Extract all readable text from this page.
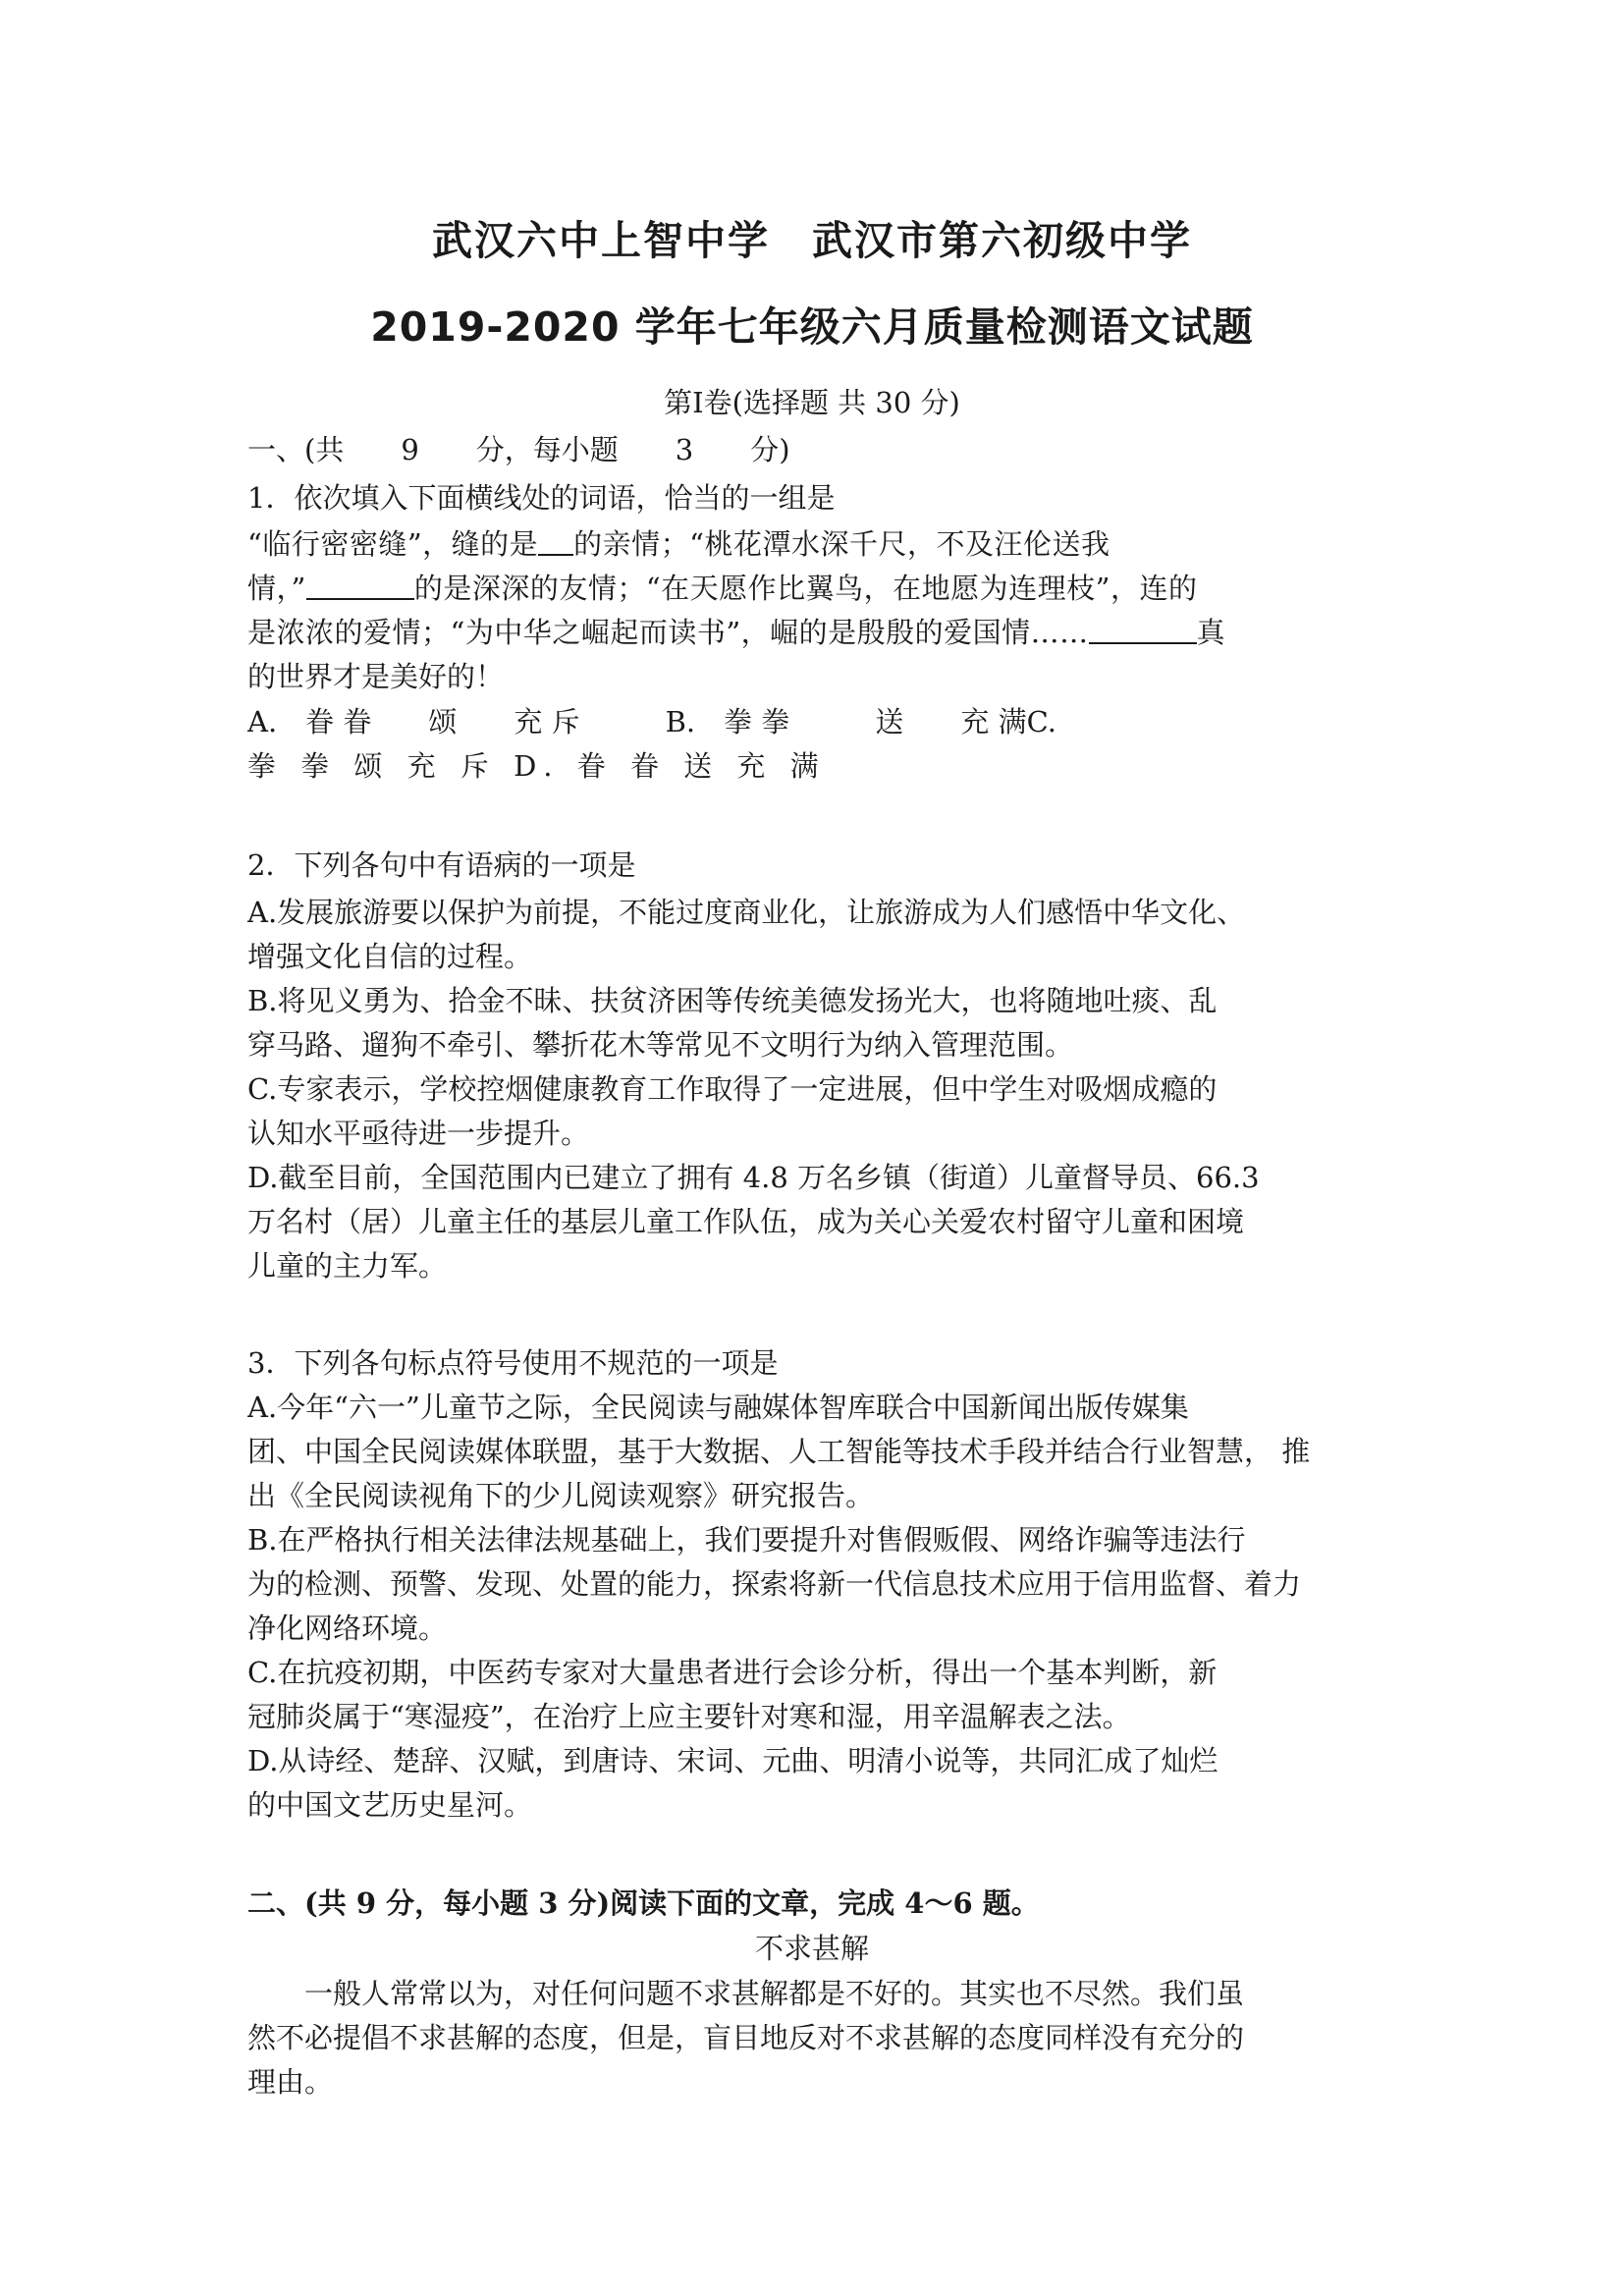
武汉六中上智中学　武汉市第六初级中学
2019-2020 学年七年级六月质量检测语文试题
第Ⅰ卷(选择题 共 30 分)
一、(共　　9　　分，每小题　　3　　分)
1．依次填入下面横线处的词语，恰当的一组是
“临行密密缝”，缝的是 的亲情；“桃花潭水深千尺，不及汪伦送我
情，”	的是深深的友情；“在天愿作比翼鸟，在地愿为连理枝”，连的
是浓浓的爱情；“为中华之崛起而读书”，崛的是殷殷的爱国情……	真
的世界才是美好的！
A.　眷 眷　　颂　　充 斥　　　B.　拳 拳　　　送　　充 满C.
拳 拳 颂 充 斥 D. 眷 眷 送 充 满
2．下列各句中有语病的一项是
A.发展旅游要以保护为前提，不能过度商业化，让旅游成为人们感悟中华文化、
增强文化自信的过程。
B.将见义勇为、拾金不昧、扶贫济困等传统美德发扬光大，也将随地吐痰、乱
穿马路、遛狗不牵引、攀折花木等常见不文明行为纳入管理范围。
C.专家表示，学校控烟健康教育工作取得了一定进展，但中学生对吸烟成瘾的
认知水平亟待进一步提升。
D.截至目前，全国范围内已建立了拥有 4.8 万名乡镇（街道）儿童督导员、66.3
万名村（居）儿童主任的基层儿童工作队伍，成为关心关爱农村留守儿童和困境
儿童的主力军。
3．下列各句标点符号使用不规范的一项是
A.今年“六一”儿童节之际，全民阅读与融媒体智库联合中国新闻出版传媒集
团、中国全民阅读媒体联盟，基于大数据、人工智能等技术手段并结合行业智慧， 推
出《全民阅读视角下的少儿阅读观察》研究报告。
B.在严格执行相关法律法规基础上，我们要提升对售假贩假、网络诈骗等违法行
为的检测、预警、发现、处置的能力，探索将新一代信息技术应用于信用监督、着力
净化网络环境。
C.在抗疫初期，中医药专家对大量患者进行会诊分析，得出一个基本判断，新
冠肺炎属于“寒湿疫”，在治疗上应主要针对寒和湿，用辛温解表之法。
D.从诗经、楚辞、汉赋，到唐诗、宋词、元曲、明清小说等，共同汇成了灿烂
的中国文艺历史星河。
二、(共 9 分，每小题 3 分)阅读下面的文章，完成 4～6 题。
不求甚解
　　一般人常常以为，对任何问题不求甚解都是不好的。其实也不尽然。我们虽
然不必提倡不求甚解的态度，但是，盲目地反对不求甚解的态度同样没有充分的
理由。
